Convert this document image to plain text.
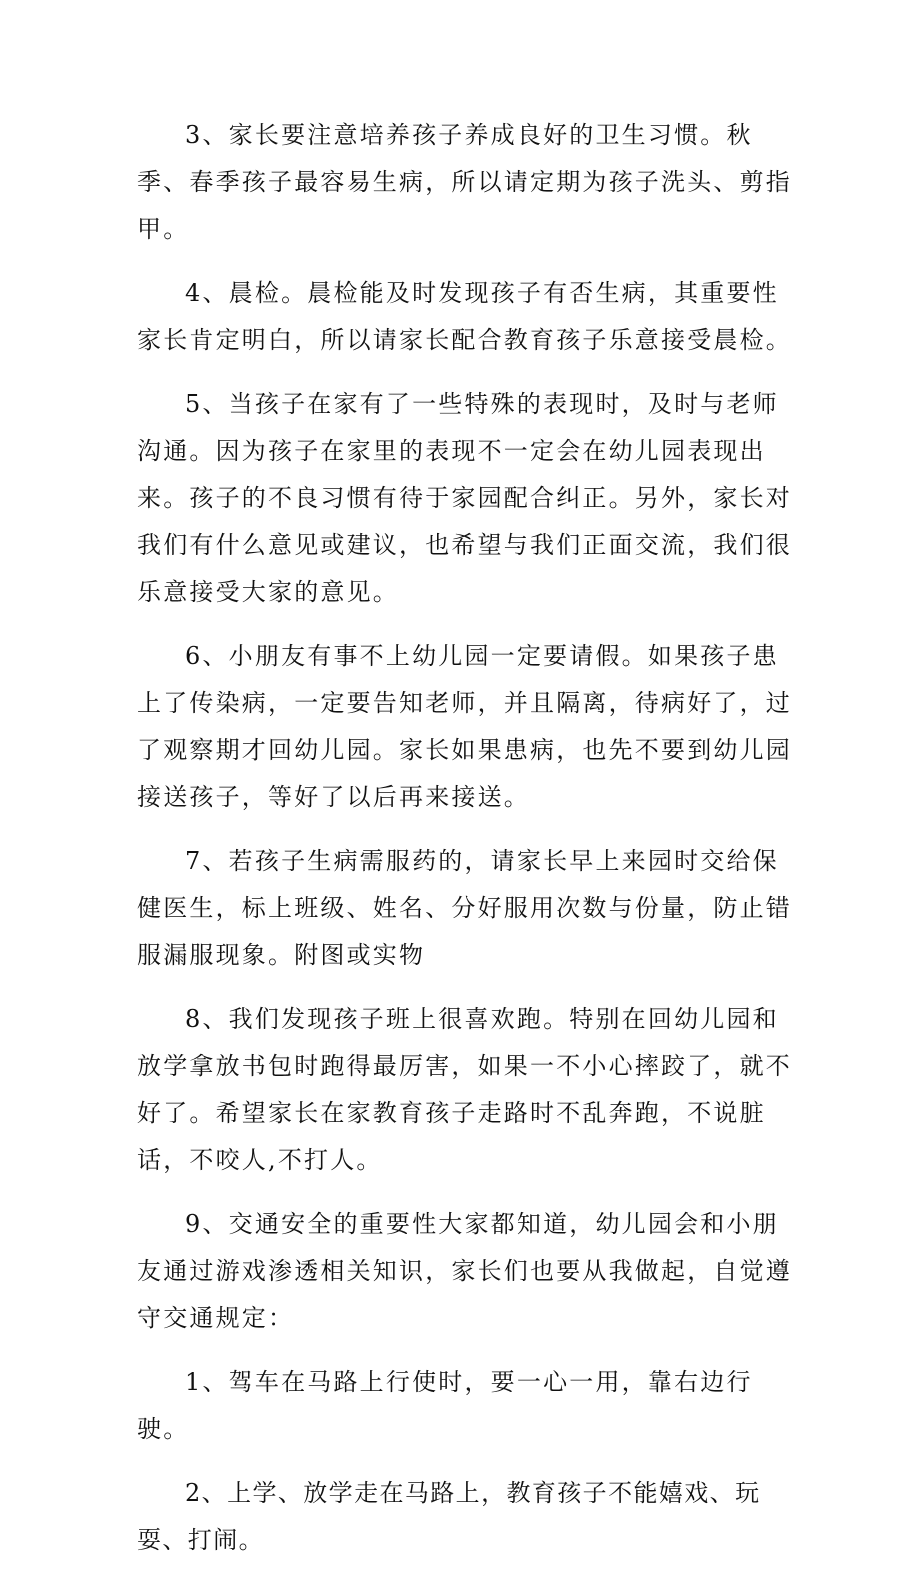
3、家长要注意培养孩子养成良好的卫生习惯。秋季、春季孩子最容易生病，所以请定期为孩子洗头、剪指甲。

4、晨检。晨检能及时发现孩子有否生病，其重要性家长肯定明白，所以请家长配合教育孩子乐意接受晨检。

5、当孩子在家有了一些特殊的表现时，及时与老师沟通。因为孩子在家里的表现不一定会在幼儿园表现出来。孩子的不良习惯有待于家园配合纠正。另外，家长对我们有什么意见或建议，也希望与我们正面交流，我们很乐意接受大家的意见。

6、小朋友有事不上幼儿园一定要请假。如果孩子患上了传染病，一定要告知老师，并且隔离，待病好了，过了观察期才回幼儿园。家长如果患病，也先不要到幼儿园接送孩子，等好了以后再来接送。

7、若孩子生病需服药的，请家长早上来园时交给保健医生，标上班级、姓名、分好服用次数与份量，防止错服漏服现象。附图或实物

8、我们发现孩子班上很喜欢跑。特别在回幼儿园和放学拿放书包时跑得最厉害，如果一不小心摔跤了，就不好了。希望家长在家教育孩子走路时不乱奔跑，不说脏话，不咬人,不打人。

9、交通安全的重要性大家都知道，幼儿园会和小朋友通过游戏渗透相关知识，家长们也要从我做起，自觉遵守交通规定：

1、驾车在马路上行使时，要一心一用，靠右边行驶。

2、上学、放学走在马路上，教育孩子不能嬉戏、玩耍、打闹。
